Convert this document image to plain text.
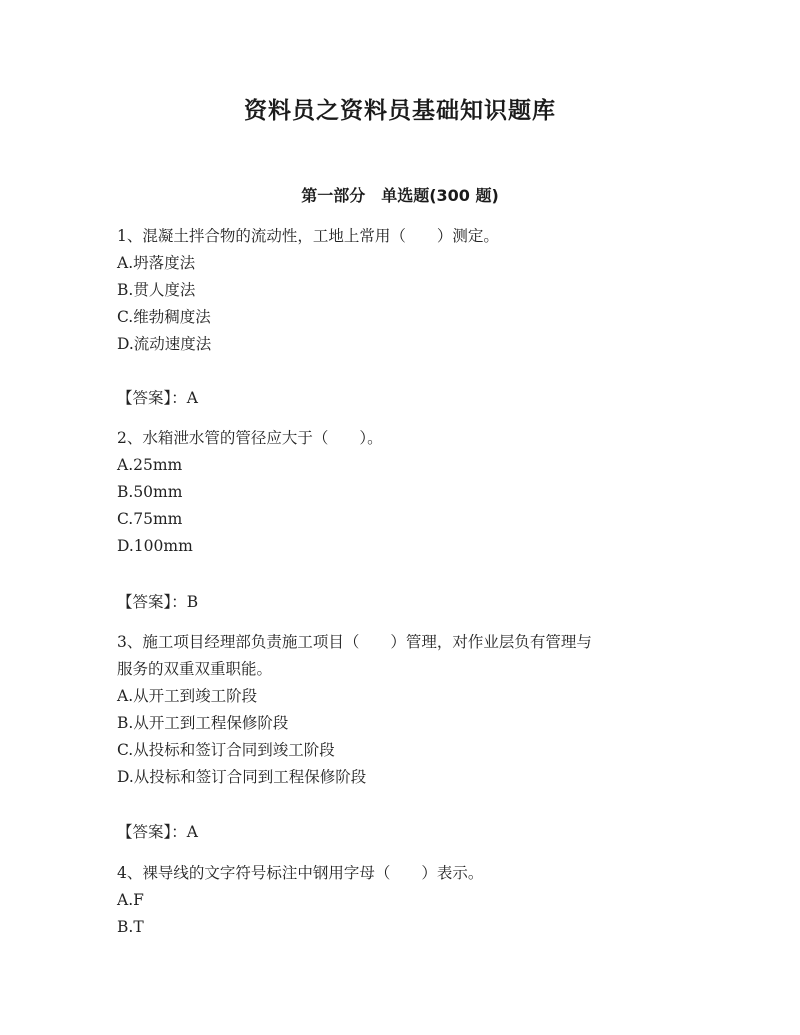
资料员之资料员基础知识题库
第一部分　单选题(300 题)
1、混凝土拌合物的流动性，工地上常用（　　）测定。
A.坍落度法
B.贯人度法
C.维勃稠度法
D.流动速度法
【答案】：A
2、水箱泄水管的管径应大于（　　）。
A.25mm
B.50mm
C.75mm
D.100mm
【答案】：B
3、施工项目经理部负责施工项目（　　）管理，对作业层负有管理与
服务的双重双重职能。
A.从开工到竣工阶段
B.从开工到工程保修阶段
C.从投标和签订合同到竣工阶段
D.从投标和签订合同到工程保修阶段
【答案】：A
4、裸导线的文字符号标注中钢用字母（　　）表示。
A.F
B.T
